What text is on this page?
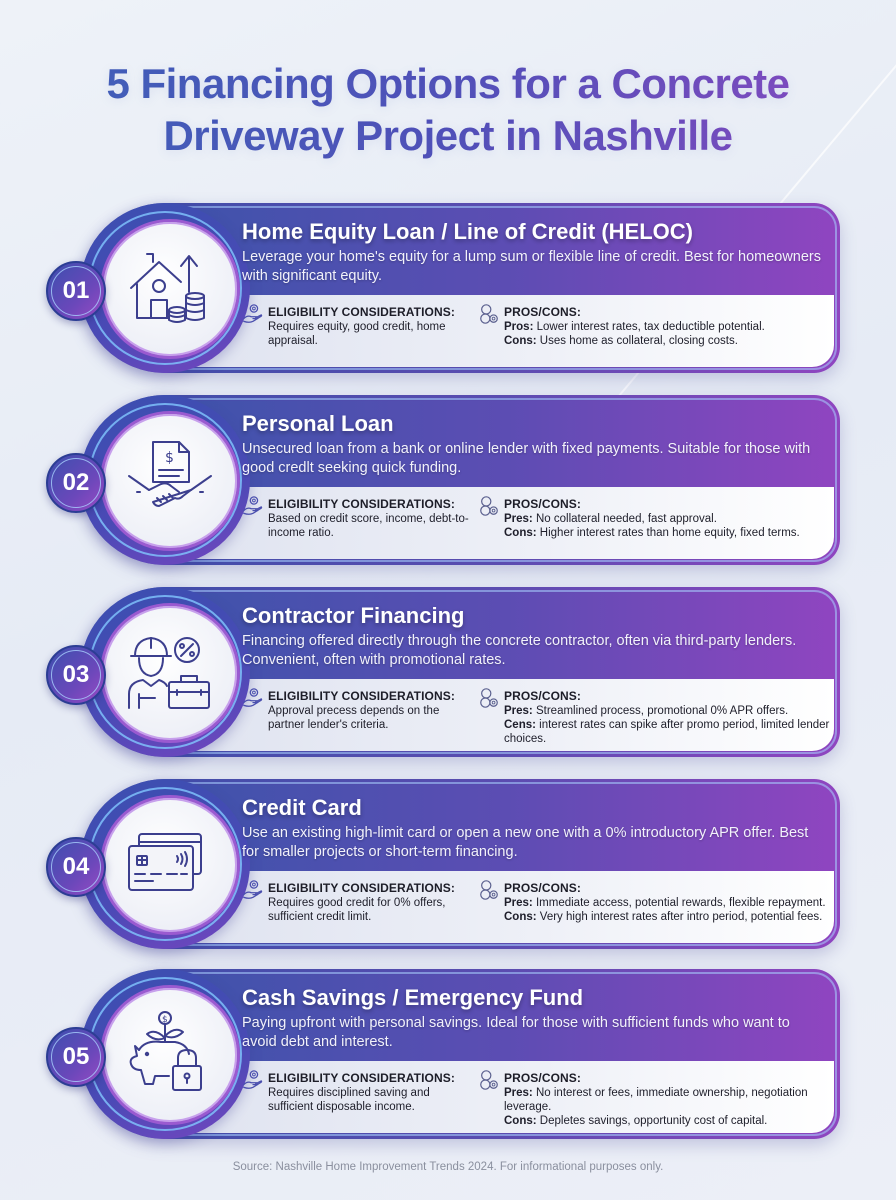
5 Financing Options for a Concrete
Driveway Project in Nashville
01
Home Equity Loan / Line of Credit (HELOC)
Leverage your home's equity for a lump sum or flexible line of credit. Best for homeowners with significant equity.
ELIGIBILITY CONSIDERATIONS:
Requires equity, good credit, home appraisal.
PROS/CONS:
Pros: Lower interest rates, tax deductible potential.
Cons: Uses home as collateral, closing costs.
$
02
Personal Loan
Unsecured loan from a bank or online lender with fixed payments. Suitable for those with good credlt seeking quick funding.
ELIGIBILITY CONSIDERATIONS:
Based on credit score, income, debt-to-income ratio.
PROS/CONS:
Pres: No collateral needed, fast approval.
Cons: Higher interest rates than home equity, fixed terms.
03
Contractor Financing
Financing offered directly through the concrete contractor, often via third-party lenders. Convenient, often with promotional rates.
ELIGIBILITY CONSIDERATIONS:
Approval precess depends on the partner lender's criteria.
PROS/CONS:
Pres: Streamlined process, promotional 0% APR offers.
Cens: interest rates can spike after promo period, limited lender choices.
04
Credit Card
Use an existing high-limit card or open a new one with a 0% introductory APR offer. Best for smaller projects or short-term financing.
ELIGIBILITY CONSIDERATIONS:
Requires good credit for 0% offers, sufficient credit limit.
PROS/CONS:
Pres: Immediate access, potential rewards, flexible repayment.
Cons: Very high interest rates after intro period, potential fees.
$
05
Cash Savings / Emergency Fund
Paying upfront with personal savings. Ideal for those with sufficient funds who want to avoid debt and interest.
ELIGIBILITY CONSIDERATIONS:
Requires disciplined saving and sufficient disposable income.
PROS/CONS:
Pres: No interest or fees, immediate ownership, negotiation leverage.
Cons: Depletes savings, opportunity cost of capital.
Source: Nashville Home Improvement Trends 2024. For informational purposes only.
